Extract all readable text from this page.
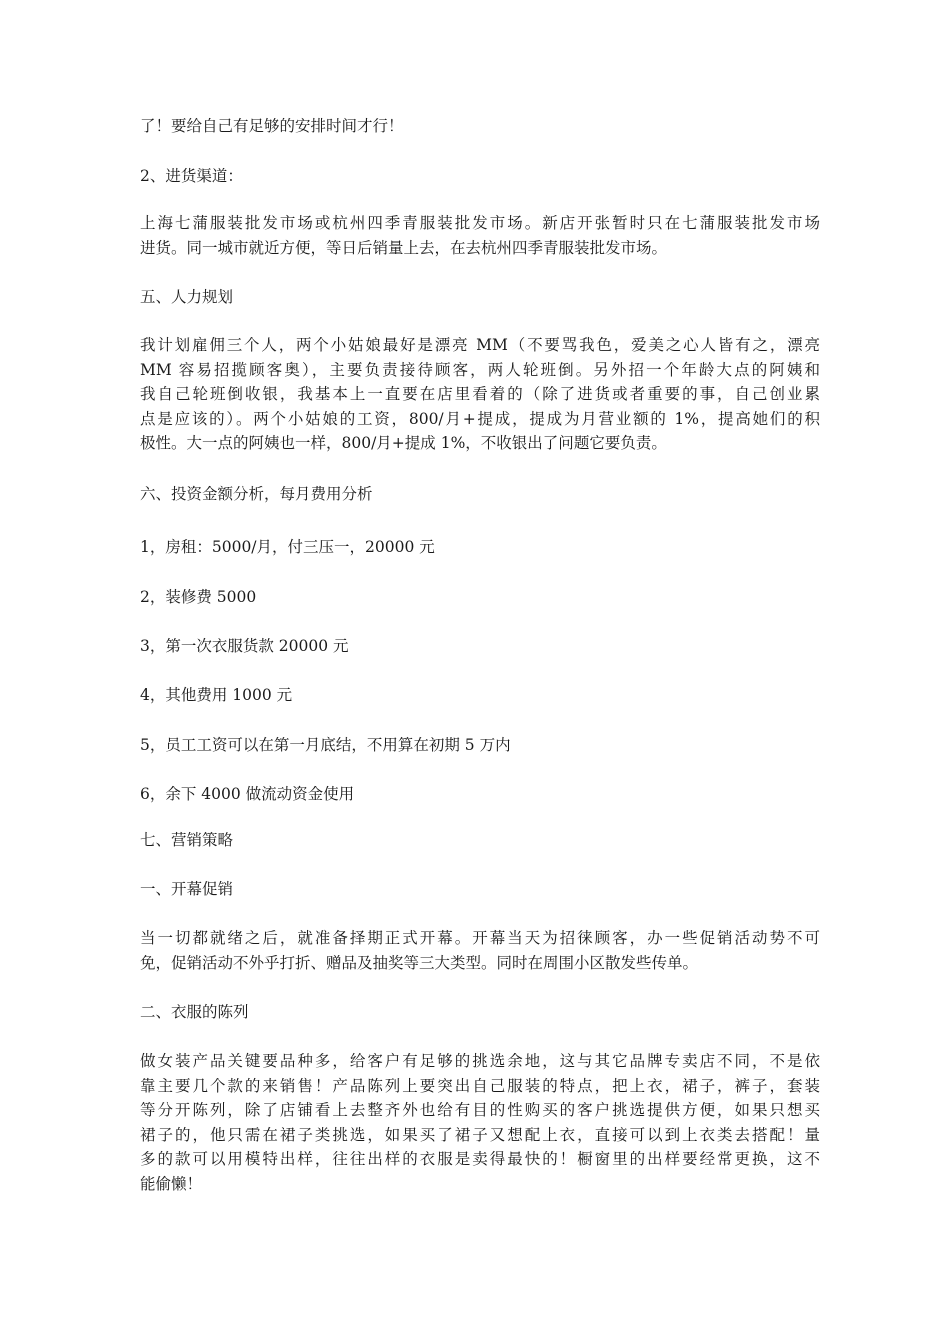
了！要给自己有足够的安排时间才行！
2、进货渠道：
上海七蒲服装批发市场或杭州四季青服装批发市场。新店开张暂时只在七蒲服装批发市场
进货。同一城市就近方便，等日后销量上去，在去杭州四季青服装批发市场。
五、人力规划
我计划雇佣三个人，两个小姑娘最好是漂亮 MM（不要骂我色，爱美之心人皆有之，漂亮
MM 容易招揽顾客奥），主要负责接待顾客，两人轮班倒。另外招一个年龄大点的阿姨和
我自己轮班倒收银，我基本上一直要在店里看着的（除了进货或者重要的事，自己创业累
点是应该的）。两个小姑娘的工资，800/月+提成，提成为月营业额的 1%，提高她们的积
极性。大一点的阿姨也一样，800/月+提成 1%，不收银出了问题它要负责。
六、投资金额分析，每月费用分析
1，房租：5000/月，付三压一，20000 元
2，装修费 5000
3，第一次衣服货款 20000 元
4，其他费用 1000 元
5，员工工资可以在第一月底结，不用算在初期 5 万内
6，余下 4000 做流动资金使用
七、营销策略
一、开幕促销
当一切都就绪之后，就准备择期正式开幕。开幕当天为招徕顾客，办一些促销活动势不可
免，促销活动不外乎打折、赠品及抽奖等三大类型。同时在周围小区散发些传单。
二、衣服的陈列
做女装产品关键要品种多，给客户有足够的挑选余地，这与其它品牌专卖店不同，不是依
靠主要几个款的来销售！产品陈列上要突出自己服装的特点，把上衣，裙子，裤子，套装
等分开陈列，除了店铺看上去整齐外也给有目的性购买的客户挑选提供方便，如果只想买
裙子的，他只需在裙子类挑选，如果买了裙子又想配上衣，直接可以到上衣类去搭配！量
多的款可以用模特出样，往往出样的衣服是卖得最快的！橱窗里的出样要经常更换，这不
能偷懒！
